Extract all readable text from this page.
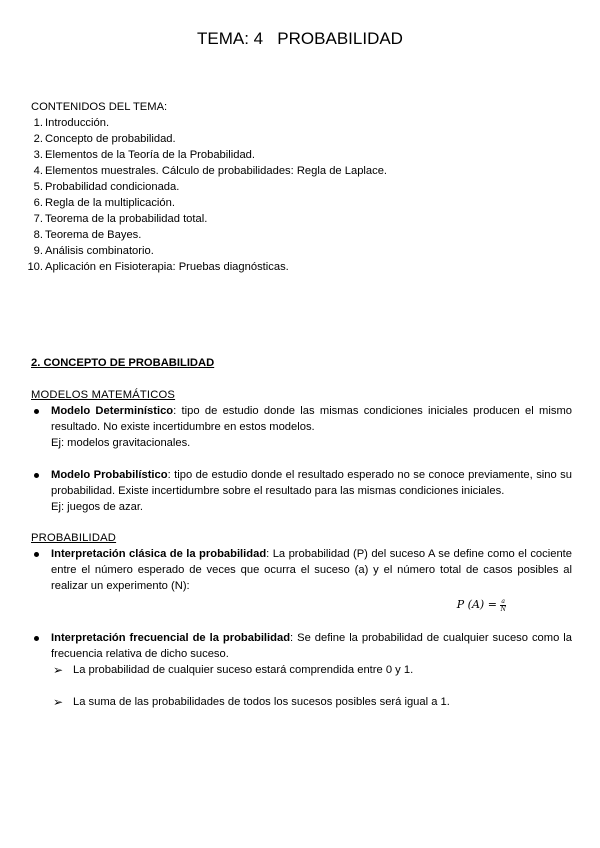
TEMA: 4   PROBABILIDAD
CONTENIDOS DEL TEMA:
1. Introducción.
2. Concepto de probabilidad.
3. Elementos de la Teoría de la Probabilidad.
4. Elementos muestrales. Cálculo de probabilidades: Regla de Laplace.
5. Probabilidad condicionada.
6. Regla de la multiplicación.
7. Teorema de la probabilidad total.
8. Teorema de Bayes.
9. Análisis combinatorio.
10. Aplicación en Fisioterapia: Pruebas diagnósticas.
2. CONCEPTO DE PROBABILIDAD
MODELOS MATEMÁTICOS
Modelo Determinístico: tipo de estudio donde las mismas condiciones iniciales producen el mismo resultado. No existe incertidumbre en estos modelos.
Ej: modelos gravitacionales.
Modelo Probabilístico: tipo de estudio donde el resultado esperado no se conoce previamente, sino su probabilidad. Existe incertidumbre sobre el resultado para las mismas condiciones iniciales.
Ej: juegos de azar.
PROBABILIDAD
Interpretación clásica de la probabilidad: La probabilidad (P) del suceso A se define como el cociente entre el número esperado de veces que ocurra el suceso (a) y el número total de casos posibles al realizar un experimento (N):
P $(A) = \frac{a}{N}$
Interpretación frecuencial de la probabilidad: Se define la probabilidad de cualquier suceso como la frecuencia relativa de dicho suceso.
➢ La probabilidad de cualquier suceso estará comprendida entre 0 y 1.
➢ La suma de las probabilidades de todos los sucesos posibles será igual a 1.
